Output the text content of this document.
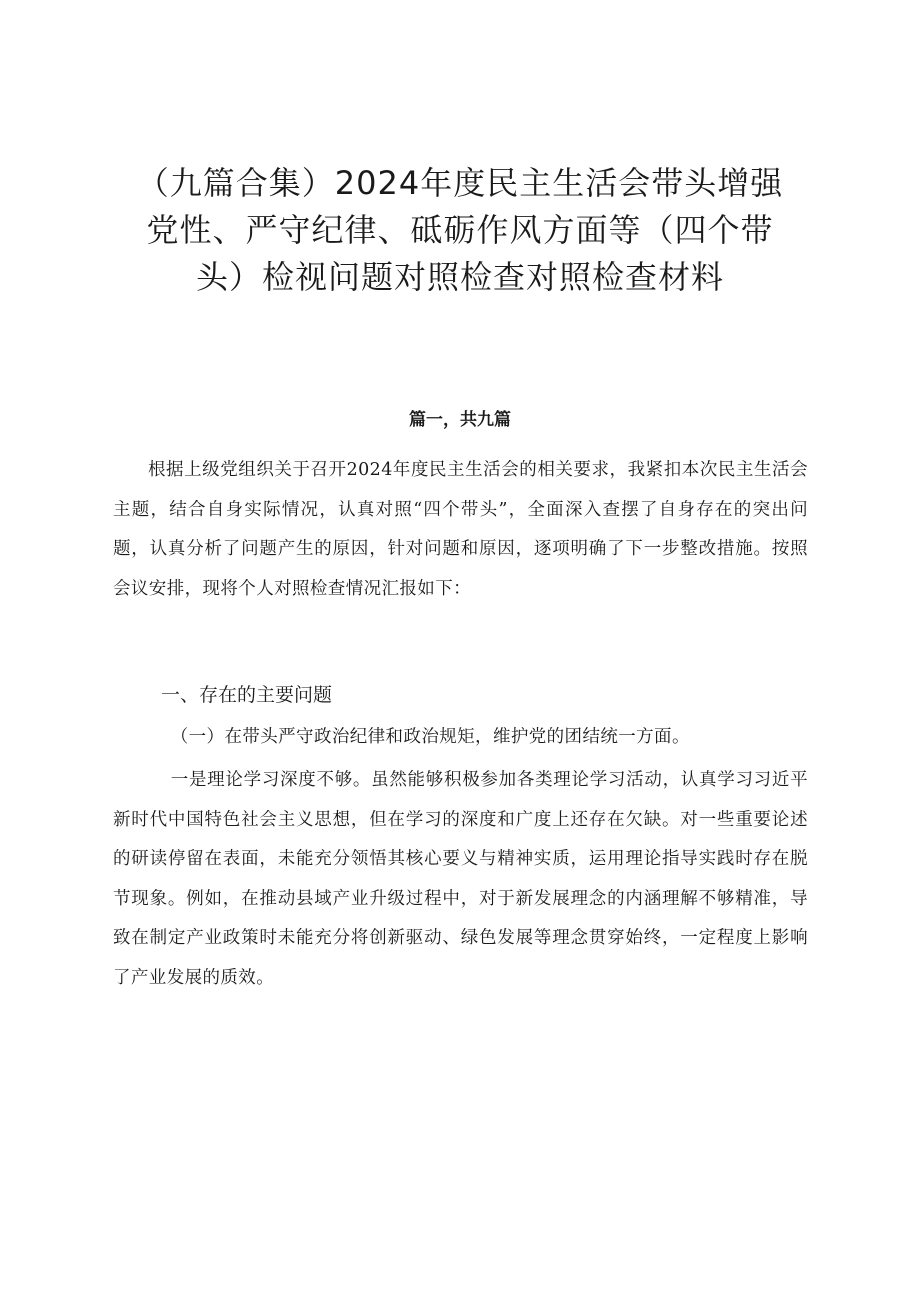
（九篇合集）2024年度民主生活会带头增强党性、严守纪律、砥砺作风方面等（四个带头）检视问题对照检查对照检查材料
篇一，共九篇

根据上级党组织关于召开2024年度民主生活会的相关要求，我紧扣本次民主生活会主题，结合自身实际情况，认真对照“四个带头”，全面深入查摆了自身存在的突出问题，认真分析了问题产生的原因，针对问题和原因，逐项明确了下一步整改措施。按照会议安排，现将个人对照检查情况汇报如下：

一、存在的主要问题

（一）在带头严守政治纪律和政治规矩，维护党的团结统一方面。

一是理论学习深度不够。虽然能够积极参加各类理论学习活动，认真学习习近平新时代中国特色社会主义思想，但在学习的深度和广度上还存在欠缺。对一些重要论述的研读停留在表面，未能充分领悟其核心要义与精神实质，运用理论指导实践时存在脱节现象。例如，在推动县域产业升级过程中，对于新发展理念的内涵理解不够精准，导致在制定产业政策时未能充分将创新驱动、绿色发展等理念贯穿始终，一定程度上影响了产业发展的质效。
